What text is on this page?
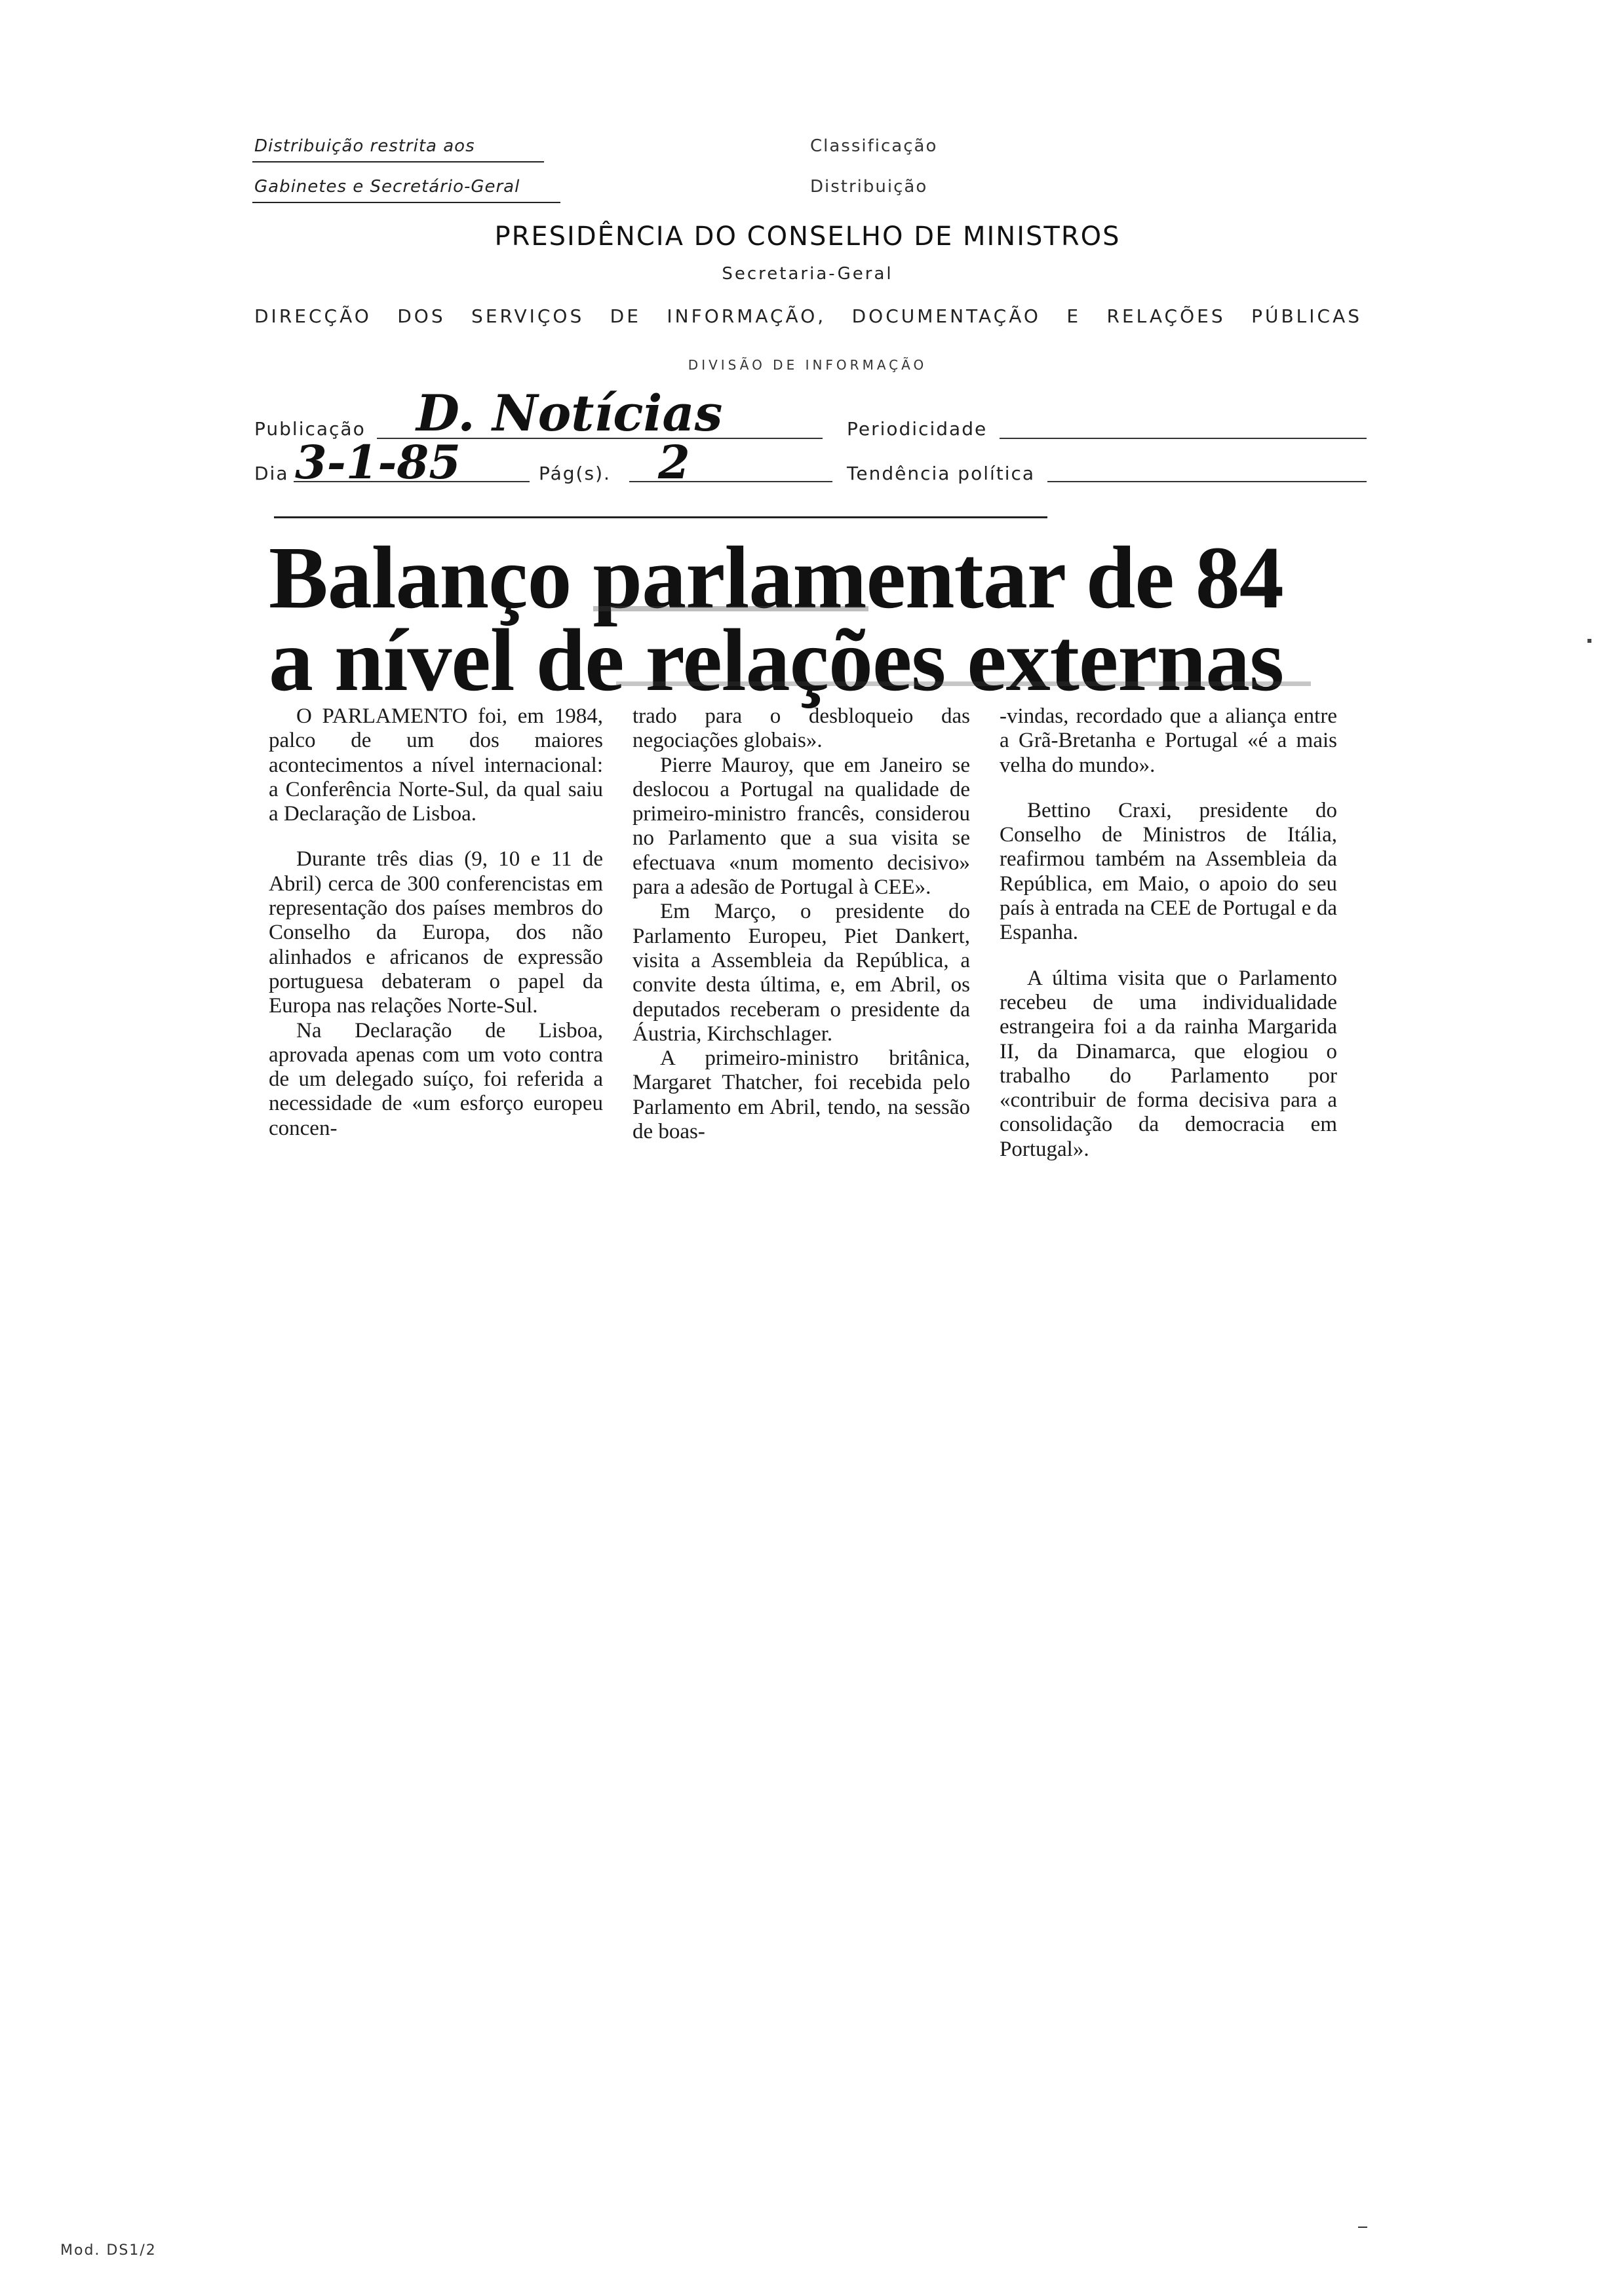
Distribuição restrita aos
Gabinetes e Secretário-Geral
Classificação
Distribuição
PRESIDÊNCIA DO CONSELHO DE MINISTROS
Secretaria-Geral
DIRECÇÃO DOS SERVIÇOS DE INFORMAÇÃO, DOCUMENTAÇÃO E RELAÇÕES PÚBLICAS
DIVISÃO DE INFORMAÇÃO
Publicação D. Notícias	Periodicidade
Dia 3-1-85	Pág(s). 2	Tendência política
Balanço parlamentar de 84
a nível de relações externas

O PARLAMENTO foi, em 1984, palco de um dos maiores acontecimentos a nível internacional: a Conferência Norte-Sul, da qual saiu a Declaração de Lisboa.

Durante três dias (9, 10 e 11 de Abril) cerca de 300 conferencistas em representação dos países membros do Conselho da Europa, dos não alinhados e africanos de expressão portuguesa debateram o papel da Europa nas relações Norte-Sul.

Na Declaração de Lisboa, aprovada apenas com um voto contra de um delegado suíço, foi referida a necessidade de «um esforço europeu concen-

trado para o desbloqueio das negociações globais».

Pierre Mauroy, que em Janeiro se deslocou a Portugal na qualidade de primeiro-ministro francês, considerou no Parlamento que a sua visita se efectuava «num momento decisivo» para a adesão de Portugal à CEE».

Em Março, o presidente do Parlamento Europeu, Piet Dankert, visita a Assembleia da República, a convite desta última, e, em Abril, os deputados receberam o presidente da Áustria, Kirchschlager.

A primeiro-ministro britânica, Margaret Thatcher, foi recebida pelo Parlamento em Abril, tendo, na sessão de boas-

-vindas, recordado que a aliança entre a Grã-Bretanha e Portugal «é a mais velha do mundo».

Bettino Craxi, presidente do Conselho de Ministros de Itália, reafirmou também na Assembleia da República, em Maio, o apoio do seu país à entrada na CEE de Portugal e da Espanha.

A última visita que o Parlamento recebeu de uma individualidade estrangeira foi a da rainha Margarida II, da Dinamarca, que elogiou o trabalho do Parlamento por «contribuir de forma decisiva para a consolidação da democracia em Portugal».

Mod. DS1/2
